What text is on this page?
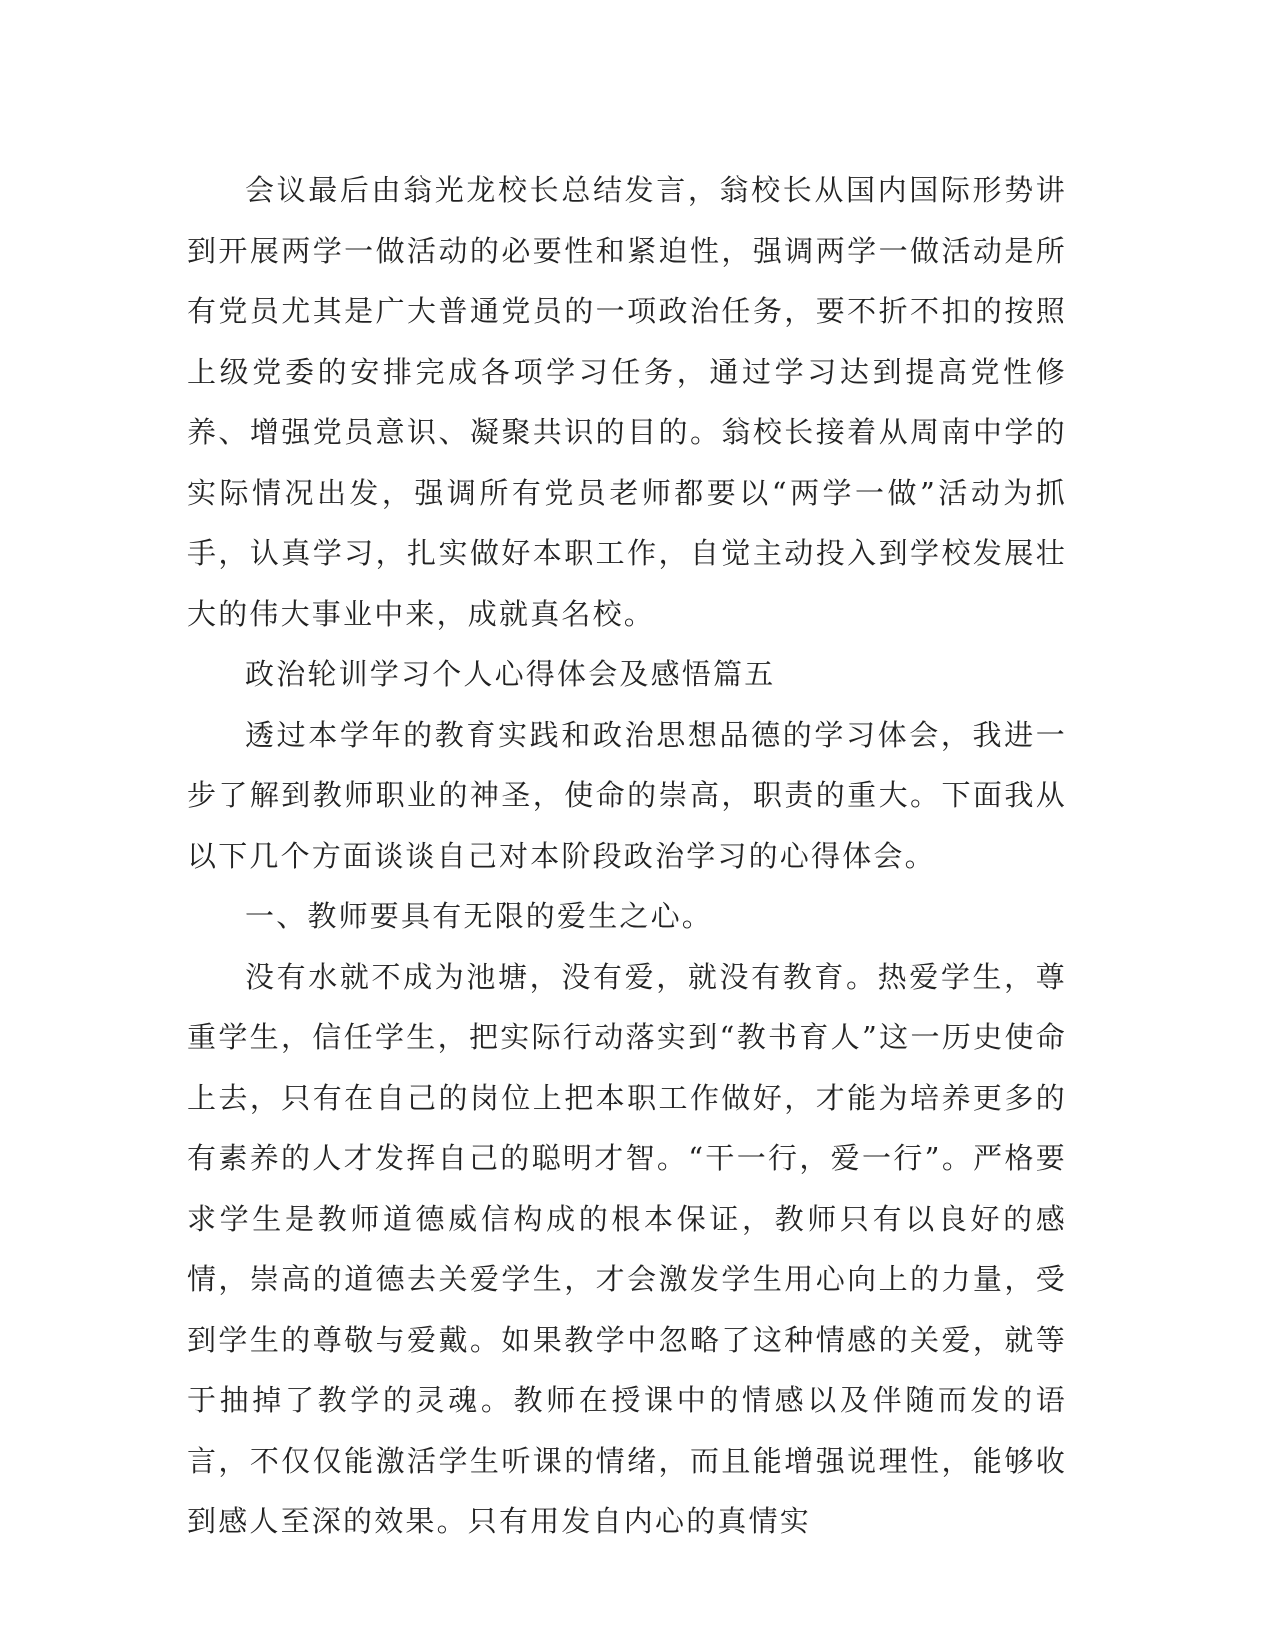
会议最后由翁光龙校长总结发言，翁校长从国内国际形势讲到开展两学一做活动的必要性和紧迫性，强调两学一做活动是所有党员尤其是广大普通党员的一项政治任务，要不折不扣的按照上级党委的安排完成各项学习任务，通过学习达到提高党性修养、增强党员意识、凝聚共识的目的。翁校长接着从周南中学的实际情况出发，强调所有党员老师都要以“两学一做”活动为抓手，认真学习，扎实做好本职工作，自觉主动投入到学校发展壮大的伟大事业中来，成就真名校。

政治轮训学习个人心得体会及感悟篇五

透过本学年的教育实践和政治思想品德的学习体会，我进一步了解到教师职业的神圣，使命的崇高，职责的重大。下面我从以下几个方面谈谈自己对本阶段政治学习的心得体会。

一、教师要具有无限的爱生之心。

没有水就不成为池塘，没有爱，就没有教育。热爱学生，尊重学生，信任学生，把实际行动落实到“教书育人”这一历史使命上去，只有在自己的岗位上把本职工作做好，才能为培养更多的有素养的人才发挥自己的聪明才智。“干一行，爱一行”。严格要求学生是教师道德威信构成的根本保证，教师只有以良好的感情，崇高的道德去关爱学生，才会激发学生用心向上的力量，受到学生的尊敬与爱戴。如果教学中忽略了这种情感的关爱，就等于抽掉了教学的灵魂。教师在授课中的情感以及伴随而发的语言，不仅仅能激活学生听课的情绪，而且能增强说理性，能够收到感人至深的效果。只有用发自内心的真情实
